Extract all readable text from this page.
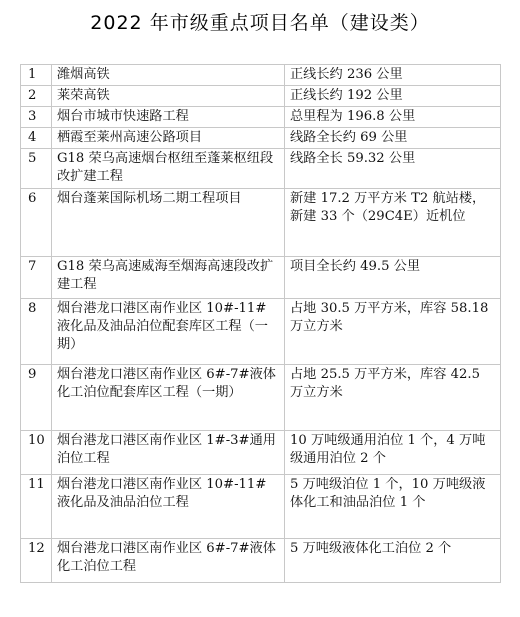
2022 年市级重点项目名单（建设类）
1	潍烟高铁	正线长约 236 公里
2	莱荣高铁	正线长约 192 公里
3	烟台市城市快速路工程	总里程为 196.8 公里
4	栖霞至莱州高速公路项目	线路全长约 69 公里
5	G18 荣乌高速烟台枢纽至蓬莱枢纽段改扩建工程	线路全长 59.32 公里
6	烟台蓬莱国际机场二期工程项目	新建 17.2 万平方米 T2 航站楼，新建 33 个（29C4E）近机位
7	G18 荣乌高速威海至烟海高速段改扩建工程	项目全长约 49.5 公里
8	烟台港龙口港区南作业区 10#-11#液化品及油品泊位配套库区工程（一期）	占地 30.5 万平方米，库容 58.18 万立方米
9	烟台港龙口港区南作业区 6#-7#液体化工泊位配套库区工程（一期）	占地 25.5 万平方米，库容 42.5 万立方米
10	烟台港龙口港区南作业区 1#-3#通用泊位工程	10 万吨级通用泊位 1 个，4 万吨级通用泊位 2 个
11	烟台港龙口港区南作业区 10#-11#液化品及油品泊位工程	5 万吨级泊位 1 个，10 万吨级液体化工和油品泊位 1 个
12	烟台港龙口港区南作业区 6#-7#液体化工泊位工程	5 万吨级液体化工泊位 2 个
